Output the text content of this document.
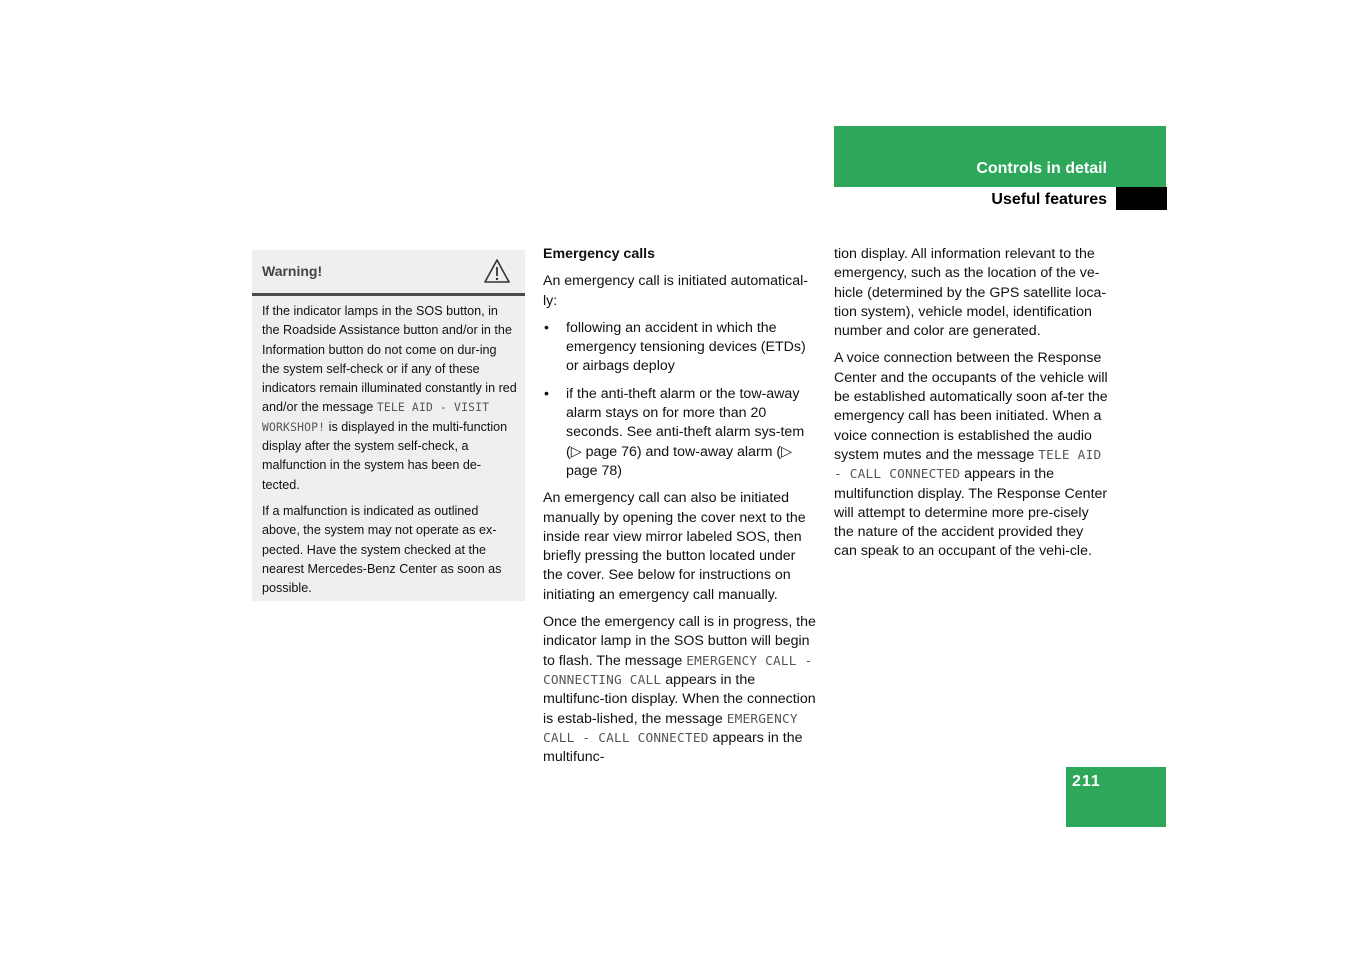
Controls in detail
Useful features
Warning!

If the indicator lamps in the SOS button, in the Roadside Assistance button and/or in the Information button do not come on dur-ing the system self-check or if any of these indicators remain illuminated constantly in red and/or the message TELE AID - VISIT WORKSHOP! is displayed in the multi-function display after the system self-check, a malfunction in the system has been de-tected.

If a malfunction is indicated as outlined above, the system may not operate as ex-pected. Have the system checked at the nearest Mercedes-Benz Center as soon as possible.

Emergency calls

An emergency call is initiated automatical-ly:

• following an accident in which the emergency tensioning devices (ETDs) or airbags deploy
• if the anti-theft alarm or the tow-away alarm stays on for more than 20 seconds. See anti-theft alarm sys-tem (▷ page 76) and tow-away alarm (▷ page 78)

An emergency call can also be initiated manually by opening the cover next to the inside rear view mirror labeled SOS, then briefly pressing the button located under the cover. See below for instructions on initiating an emergency call manually.

Once the emergency call is in progress, the indicator lamp in the SOS button will begin to flash. The message EMERGENCY CALL - CONNECTING CALL appears in the multifunc-tion display. When the connection is estab-lished, the message EMERGENCY CALL - CALL CONNECTED appears in the multifunc-

tion display. All information relevant to the emergency, such as the location of the ve-hicle (determined by the GPS satellite loca-tion system), vehicle model, identification number and color are generated.

A voice connection between the Response Center and the occupants of the vehicle will be established automatically soon af-ter the emergency call has been initiated. When a voice connection is established the audio system mutes and the message TELE AID - CALL CONNECTED appears in the multifunction display. The Response Center will attempt to determine more pre-cisely the nature of the accident provided they can speak to an occupant of the vehi-cle.

211
